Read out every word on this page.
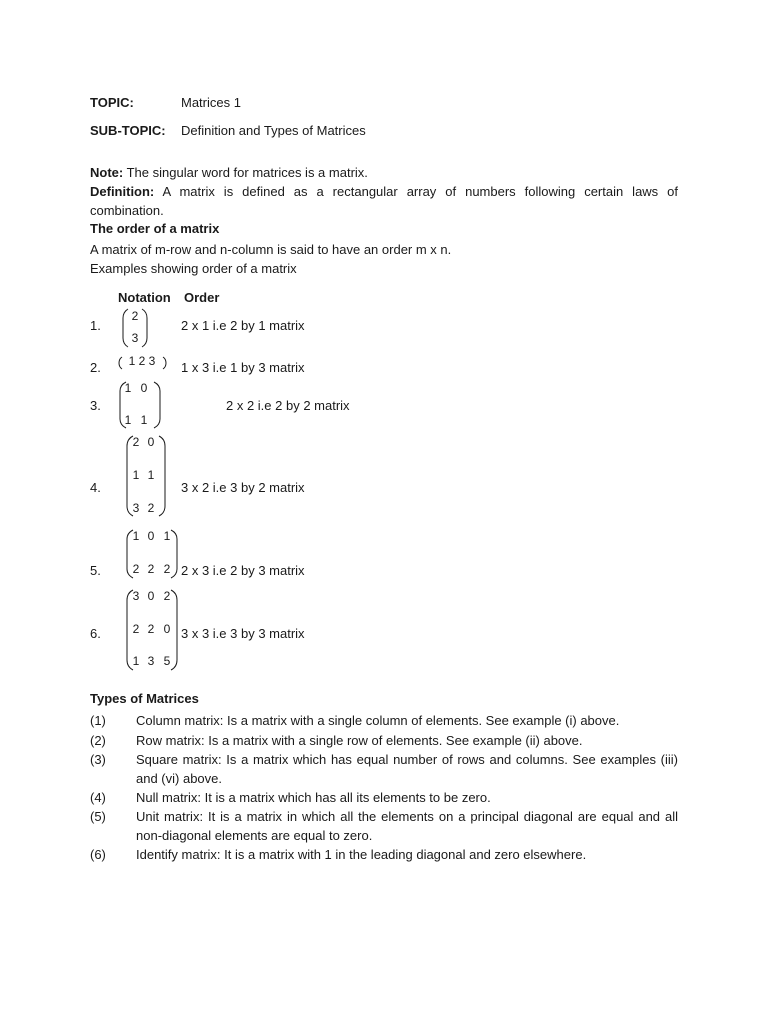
TOPIC:	Matrices 1
SUB-TOPIC: Definition and Types of Matrices
Note: The singular word for matrices is a matrix.
Definition: A matrix is defined as a rectangular array of numbers following certain laws of combination.
The order of a matrix
A matrix of m-row and n-column is said to have an order m x n.
Examples showing order of a matrix
Notation Order
1.
2
3
2 x 1 i.e 2 by 1 matrix
2.	1 2 3 1 x 3 i.e 1 by 3 matrix
3.
1 0
1 1
2 x 2 i.e 2 by 2 matrix
4.
2 0
1 1
3 2
3 x 2 i.e 3 by 2 matrix
5.
1 0 1
2 2 2 2 x 3 i.e 2 by 3 matrix
6.
3 0 2
2 2 0
1 3 5
3 x 3 i.e 3 by 3 matrix
Types of Matrices
(1) Column matrix: Is a matrix with a single column of elements. See example (i) above.
(2) Row matrix: Is a matrix with a single row of elements. See example (ii) above.
(3) Square matrix: Is a matrix which has equal number of rows and columns. See examples (iii) and (vi) above.
(4) Null matrix: It is a matrix which has all its elements to be zero.
(5) Unit matrix: It is a matrix in which all the elements on a principal diagonal are equal and all non-diagonal elements are equal to zero.
(6) Identify matrix: It is a matrix with 1 in the leading diagonal and zero elsewhere.
